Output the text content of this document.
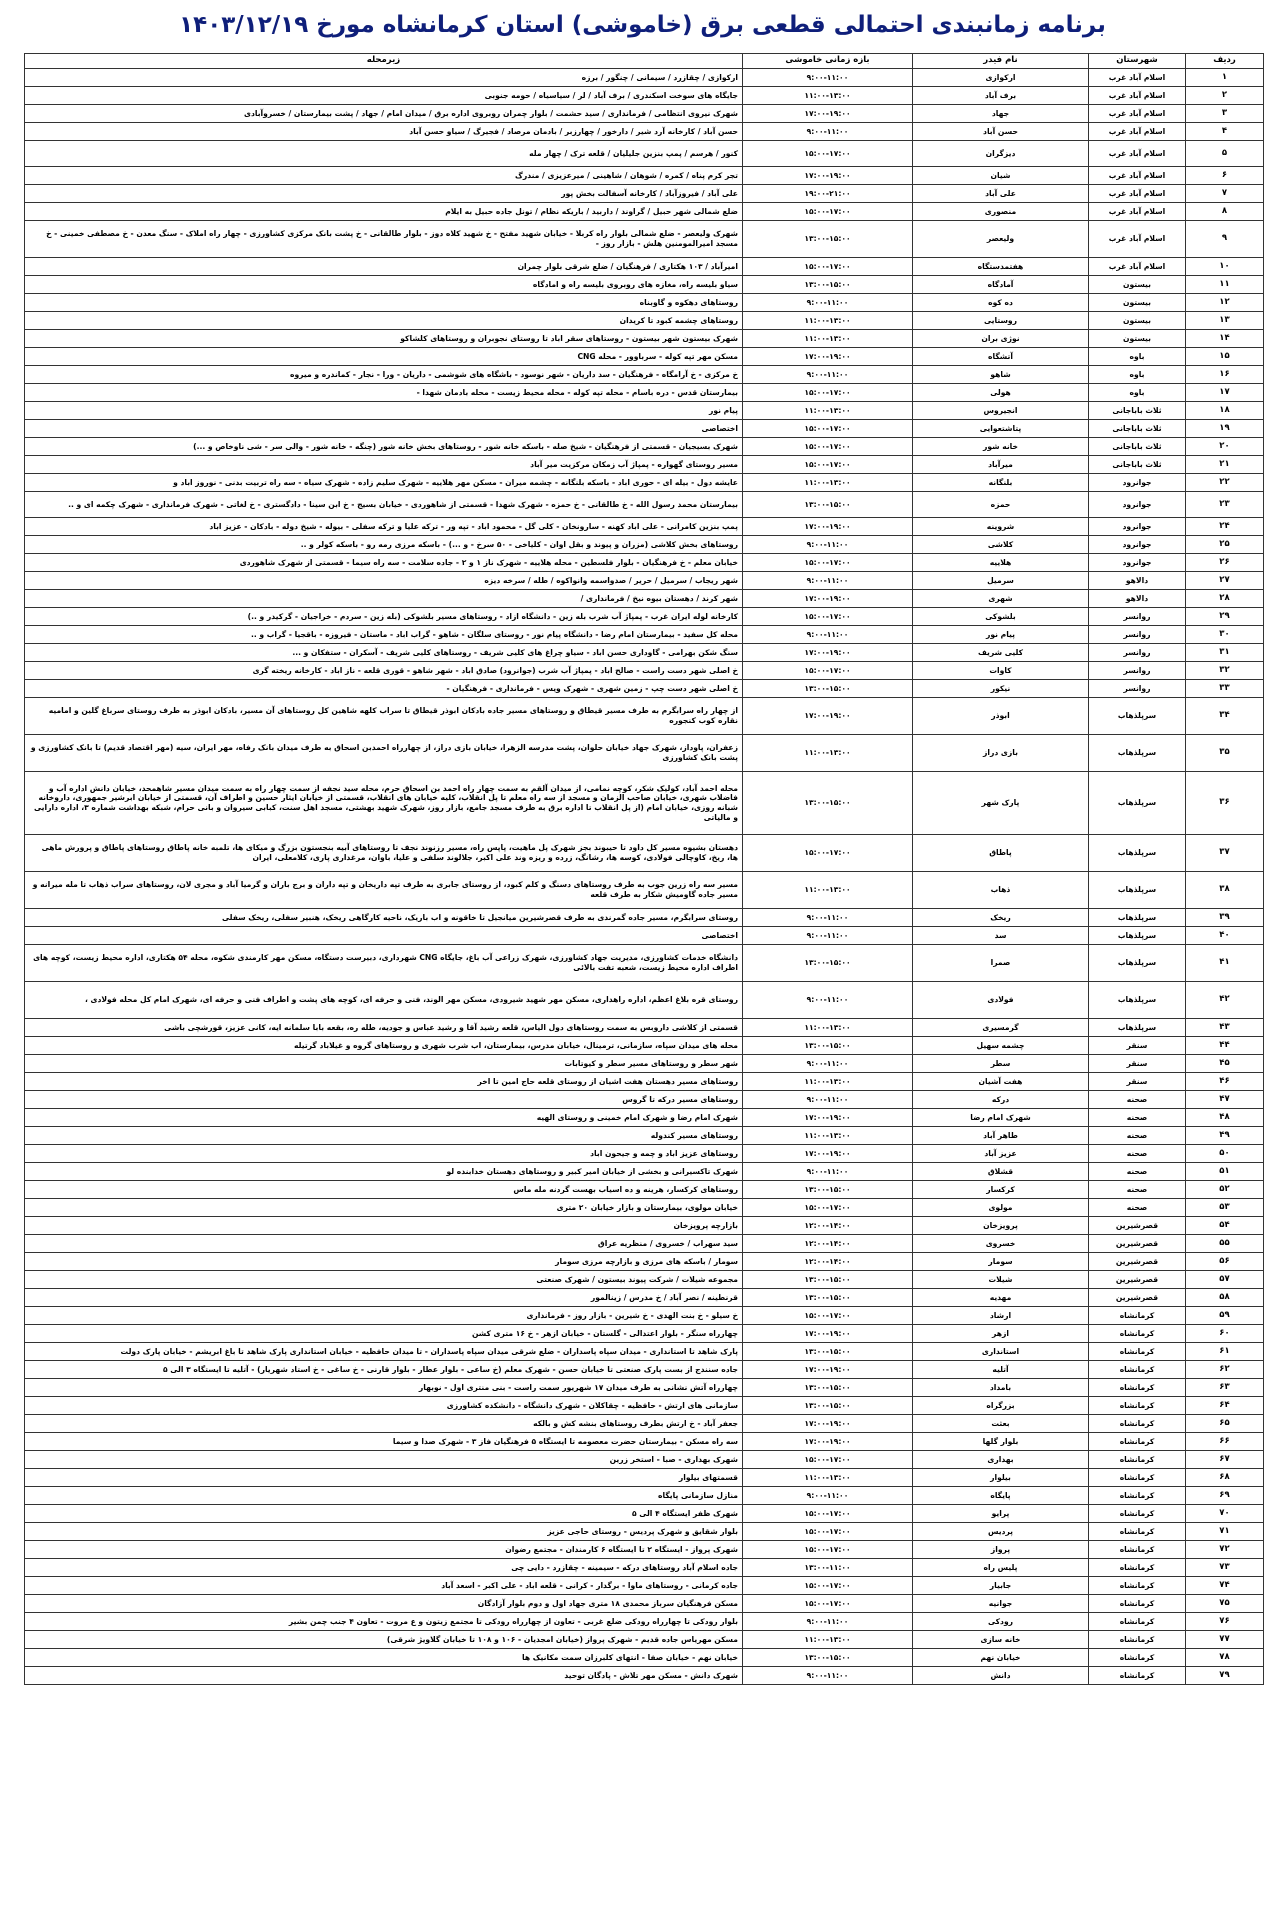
برنامه زمانبندی احتمالی قطعی برق (خاموشی) استان کرمانشاه مورخ ۱۴۰۳/۱۲/۱۹
ردیف	شهرستان	نام فیدر	بازه زمانی خاموشی	زیرمحله
۱	اسلام آباد غرب	ارکوازی	۹:۰۰-۱۱:۰۰	ارکوازی / چقازرد / سیمانی / چنگور / برزه
۲	اسلام آباد غرب	برف آباد	۱۱:۰۰-۱۳:۰۰	جایگاه های سوخت اسکندری / برف آباد / لر / سیاسیاه / حومه جنوبی
۳	اسلام آباد غرب	جهاد	۱۷:۰۰-۱۹:۰۰	شهرک نیروی انتظامی / فرمانداری / سید حشمت / بلوار چمران روبروی اداره برق / میدان امام / جهاد / پشت بیمارستان / خسروآبادی
۴	اسلام آباد غرب	حسن آباد	۹:۰۰-۱۱:۰۰	حسن آباد / کارخانه آرد شیر / دارخور / چهارزبر / بادمان مرصاد / فجیرگ / سیاو حسن آباد
۵	اسلام آباد غرب	دیزگران	۱۵:۰۰-۱۷:۰۰	کنور / هرسم / پمپ بنزین جلیلیان / قلعه ترک / چهار مله
۶	اسلام آباد غرب	شیان	۱۷:۰۰-۱۹:۰۰	تجر کرم پناه / کمره / شوهان / شاهینی / میرعزیزی / مندرگ
۷	اسلام آباد غرب	علی آباد	۱۹:۰۰-۲۱:۰۰	علی آباد / فیروزآباد / کارخانه آسفالت بخش پور
۸	اسلام آباد غرب	منصوری	۱۵:۰۰-۱۷:۰۰	ضلع شمالی شهر حبیل / گراوند / داربید / باریکه نظام / تونل جاده حبیل به ایلام
۹	اسلام آباد غرب	ولیعصر	۱۳:۰۰-۱۵:۰۰	شهرک ولیعصر - ضلع شمالی بلوار راه کربلا - خیابان شهید مفتح - خ شهید کلاه دوز - بلوار طالقانی - خ پشت بانک مرکزی کشاورزی - چهار راه املاک - سنگ معدن - خ مصطفی خمینی - خ مسجد امیرالمومنین هلش - بازار روز -
۱۰	اسلام آباد غرب	هفتمدستگاه	۱۵:۰۰-۱۷:۰۰	امیرآباد / ۱۰۳ هکتاری / فرهنگیان / ضلع شرقی بلوار چمران
۱۱	بیستون	آمادگاه	۱۳:۰۰-۱۵:۰۰	سیاو بلیسه راه، مغازه های روبروی بلیسه راه و امادگاه
۱۲	بیستون	ده کوه	۹:۰۰-۱۱:۰۰	روستاهای دهکوه و گاوبناه
۱۳	بیستون	روستایی	۱۱:۰۰-۱۳:۰۰	روستاهای چشمه کبود تا کریدان
۱۴	بیستون	نوژی بران	۱۱:۰۰-۱۳:۰۰	شهرک بیستون شهر بیستون - روستاهای سقر اباد تا روستای نجوبران و روستاهای کلشاکو
۱۵	باوه	آتشگاه	۱۷:۰۰-۱۹:۰۰	مسکن مهر تپه کوله - سرباوور - محله CNG
۱۶	باوه	شاهو	۹:۰۰-۱۱:۰۰	خ مرکزی - خ آرامگاه - فرهنگیان - سد داریان - شهر نوسود - باشگاه های شوشمی - داریان - ورا - نجار - کماندره و میروه
۱۷	باوه	هولی	۱۵:۰۰-۱۷:۰۰	بیمارستان قدس - دره باسام - محله تپه کوله - محله محیط زیست - محله بادمان شهدا -
۱۸	ثلاث باباجانی	انجیروس	۱۱:۰۰-۱۳:۰۰	پیام نور
۱۹	ثلاث باباجانی	پتاشتعوایی	۱۵:۰۰-۱۷:۰۰	اختصاصی
۲۰	ثلاث باباجانی	خانه شور	۱۵:۰۰-۱۷:۰۰	شهرک بسیجیان - قسمتی از فرهنگیان - شیخ صله - باسکه خانه شور - روستاهای بخش خانه شور (چنگه - خانه شور - والی سر - شی ناوخاص و ...)
۲۱	ثلاث باباجانی	میرآباد	۱۵:۰۰-۱۷:۰۰	مسیر روستای گهواره - پمپاژ آب زمکان مرکزیت میر آباد
۲۲	جوانرود	بلنگانه	۱۱:۰۰-۱۳:۰۰	عایشه دول - بیله ای - حوری اباد - باسکه بلنگانه - چشمه میران - مسکن مهر هلاییه - شهرک سلیم زاده - شهرک سیاه - سه راه تربیت بدنی - نوروز اباد و
۲۳	جوانرود	حمزه	۱۳:۰۰-۱۵:۰۰	بیمارستان محمد رسول الله - خ طالقانی - خ حمزه - شهرک شهدا - قسمتی از شاهوردی - خیابان بسیج - خ ابن سینا - دادگستری - خ لغاتی - شهرک فرمانداری - شهرک چکمه ای و ..
۲۴	جوانرود	شروینه	۱۷:۰۰-۱۹:۰۰	پمپ بنزین کامرانی - علی اباد کهنه - سارونخان - کلی گل - محمود اباد - تپه ور - ترکه علیا و ترکه سفلی - بیوله - شیخ دوله - بادکان - عزیز اباد
۲۵	جوانرود	کلاشی	۹:۰۰-۱۱:۰۰	روستاهای بخش کلاشی (مزران و پیوند و بقل اوان - کلیاخی - ۵۰ سرخ - و ...) - باسکه مرزی رمه رو - باسکه کولر و ..
۲۶	جوانرود	هلاییه	۱۵:۰۰-۱۷:۰۰	خیابان معلم - خ فرهنگیان - بلوار فلسطین - محله هلاییه - شهرک ناز ۱ و ۲ - جاده سلامت - سه راه سیما - قسمتی از شهرک شاهوردی
۲۷	دالاهو	سرمیل	۹:۰۰-۱۱:۰۰	شهر ریجاب / سرمیل / حریر / صدواسمه وانواکوه / طله / سرخه دیزه
۲۸	دالاهو	شهری	۱۷:۰۰-۱۹:۰۰	شهر کرند / دهستان بیوه نیخ / فرمانداری /
۲۹	روانسر	بلشوکی	۱۵:۰۰-۱۷:۰۰	کارخانه لوله ایران غرب - پمپاژ آب شرب بله زین - دانشگاه ازاد - روستاهای مسیر بلشوکی (بله زین - سردم - خراجیان - گرکیدر و ..)
۳۰	روانسر	پیام نور	۹:۰۰-۱۱:۰۰	محله کل سفید - بیمارستان امام رضا - دانشگاه پیام نور - روستای سلگان - شاهو - گراب اباد - ماستان - فیروزه - باقجیا - گراب و ..
۳۱	روانسر	کلیی شریف	۱۷:۰۰-۱۹:۰۰	سنگ شکن بهرامی - گاوداری حسن اباد - سیاو چراغ های کلیی شریف - روستاهای کلیی شریف - آسکران - ستفکان و ...
۳۲	روانسر	کاوات	۱۵:۰۰-۱۷:۰۰	خ اصلی شهر دست راست - صالح اباد - پمپاژ آب شرب (جوانرود) صادق اباد - شهر شاهو - قوری قلعه - ناز اباد - کارخانه ریخته گری
۳۳	روانسر	نیکور	۱۳:۰۰-۱۵:۰۰	خ اصلی شهر دست چپ - زمین شهری - شهرک ویس - فرمانداری - فرهنگیان -
۳۴	سرپلذهاب	ابوذر	۱۷:۰۰-۱۹:۰۰	از چهار راه سرابگرم به طرف مسیر قیطاق و روستاهای مسیر جاده بادکان ابوذر قیطاق تا سراب کلهه شاهین کل روستاهای آن مسیر، بادکان ابوذر به طرف روستای سرباغ گلین و امامیه نقاره کوب کنجوره
۳۵	سرپلذهاب	بازی دراز	۱۱:۰۰-۱۳:۰۰	زعفران، پاوداز، شهرک جهاد خیابان حلوان، پشت مدرسه الزهرا، خیابان بازی دراز، از چهارراه احمدبن اسحاق به طرف میدان بانک رفاه، مهر ایران، سیه (مهر اقتصاد قدیم) تا بانک کشاورزی و پشت بانک کشاورزی
۳۶	سرپلذهاب	پارک شهر	۱۳:۰۰-۱۵:۰۰	محله احمد آباد، کولیک شکر، کوچه نمامی، از میدان آلقم به سمت چهار راه احمد بن اسحاق حرم، محله سید نجفه از سمت چهار راه به سمت میدان مسیر شاهمحد، خیابان دانش اداره آب و فاضلاب شهری، خیابان صاحب الزمان و مسجد از سه راه معلم تا پل انقلاب، کلیه خیابان های انقلاب، قسمتی از خیابان ایثار حسین و اطراف آن، قسمتی از خیابان ابرشیر جمهوری، داروخانه شبانه روزی، خیابان امام (از پل انقلاب تا اداره برق به طرف مسجد جامع، بازار روز، شهرک شهید بهشتی، مسجد اهل سنت، کبابی سیروان و بانی حرام، شبکه بهداشت شماره ۳، اداره دارایی و مالیاتی
۳۷	سرپلذهاب	پاطاق	۱۵:۰۰-۱۷:۰۰	دهستان بشیوه مسیر کل داود تا حیبوند بجز شهرک پل ماهیت، پاپس راه، مسیر رزنوند نجف تا روستاهای آبیه بنجستون بزرگ و میکای ها، تلمبه خانه پاطاق روستاهای پاطاق و پرورش ماهی ها، ریخ، کاوچالی فولادی، کوسه ها، رشانگ، زرده و ریزه وند علی اکبر، جلالوند سلفی و علیا، باوان، مرغداری پاری، کلامعلی، ایران
۳۸	سرپلذهاب	ذهاب	۱۱:۰۰-۱۳:۰۰	مسیر سه راه زرین جوب به طرف روستاهای دسنگ و کلم کبود، از روستای جابری به طرف تپه داریخان و تپه داران و برج باران و گرمیا آباد و مجری لان، روستاهای سراب ذهاب تا مله میرانه و مسیر جاده گاومیش شکار به طرف قلعه
۳۹	سرپلذهاب	ریخک	۹:۰۰-۱۱:۰۰	روستای سرابگرم، مسیر جاده گمرندی به طرف قصرشیرین میانجیل تا خاقونه و اب باریک، ناحیه کارگاهی ریخک، هنبیر سفلی، ریخک سفلی
۴۰	سرپلذهاب	سد	۹:۰۰-۱۱:۰۰	اختصاصی
۴۱	سرپلذهاب	صمرا	۱۳:۰۰-۱۵:۰۰	دانشگاه خدمات کشاورزی، مدیریت جهاد کشاورزی، شهرک زراعی آب باغ، جایگاه CNG شهرداری، دبیرست دستگاه، مسکن مهر کارمندی شکوه، محله ۵۴ هکتاری، اداره محیط زیست، کوچه های اطراف اداره محیط زیست، شعبه تفت بالائی
۴۲	سرپلذهاب	فولادی	۹:۰۰-۱۱:۰۰	روستای قره بلاغ اعظم، اداره راهداری، مسکن مهر شهید شیرودی، مسکن مهر الوند، فنی و حرفه ای، کوچه های پشت و اطراف فنی و حرفه ای، شهرک امام کل محله فولادی ،
۴۳	سرپلذهاب	گرمسیری	۱۱:۰۰-۱۳:۰۰	قسمتی از کلاشی داروبس به سمت روستاهای دول الیاس، قلعه رشید آقا و رشید عباس و جودیه، طله ره، بقعه بابا سلمانه ایه، کانی عزیز، قورشچی باشی
۴۴	سنقر	چشمه سهیل	۱۳:۰۰-۱۵:۰۰	محله های میدان سپاه، سازمانی، ترمینال، خیابان مدرس، بیمارستان، اب شرب شهری و روستاهای گروه و غیلاباد گرتیله
۴۵	سنقر	سطر	۹:۰۰-۱۱:۰۰	شهر سطر و روستاهای مسیر سطر و کیوتابات
۴۶	سنقر	هفت آشیان	۱۱:۰۰-۱۳:۰۰	روستاهای مسیر دهستان هفت اشیان از روستای قلعه حاج امین تا اخر
۴۷	صحنه	درکه	۹:۰۰-۱۱:۰۰	روستاهای مسیر درکه تا گروس
۴۸	صحنه	شهرک امام رضا	۱۷:۰۰-۱۹:۰۰	شهرک امام رضا و شهرک امام خمینی و روستای الهیه
۴۹	صحنه	طاهر آباد	۱۱:۰۰-۱۳:۰۰	روستاهای مسیر کندوله
۵۰	صحنه	عزیز آباد	۱۷:۰۰-۱۹:۰۰	روستاهای عزیز اباد و چمه و جیحون اباد
۵۱	صحنه	قشلاق	۹:۰۰-۱۱:۰۰	شهرک تاکسیرانی و بخشی از خیابان امیر کبیر و روستاهای دهستان خدابنده لو
۵۲	صحنه	کرکسار	۱۳:۰۰-۱۵:۰۰	روستاهای کرکسار، هرینه و ده اسیاب بهست گردنه مله ماس
۵۳	صحنه	مولوی	۱۵:۰۰-۱۷:۰۰	خیابان مولوی، بیمارستان و بازار خیابان ۲۰ متری
۵۴	قصرشیرین	پرویزخان	۱۲:۰۰-۱۴:۰۰	بازارچه پرویزخان
۵۵	قصرشیرین	خسروی	۱۲:۰۰-۱۴:۰۰	سید سهراب / خسروی / منظریه عراق
۵۶	قصرشیرین	سومار	۱۲:۰۰-۱۴:۰۰	سومار / باسکه های مرزی و بازارچه مرزی سومار
۵۷	قصرشیرین	شیلات	۱۳:۰۰-۱۵:۰۰	مجموعه شیلات / شرکت پیوند بیستون / شهرک صنعتی
۵۸	قصرشیرین	مهدیه	۱۳:۰۰-۱۵:۰۰	قرنطینه / نصر آباد / خ مدرس / زینالمور
۵۹	کرمانشاه	ارشاد	۱۵:۰۰-۱۷:۰۰	خ سیلو - خ بنت الهدی - خ شیرین - بازار روز - فرمانداری
۶۰	کرمانشاه	ازهر	۱۷:۰۰-۱۹:۰۰	چهارراه سنگر - بلوار اعتدالی - گلستان - خیابان ازهر - خ ۱۶ متری کشن
۶۱	کرمانشاه	استانداری	۱۳:۰۰-۱۵:۰۰	پارک شاهد تا استانداری - میدان سپاه پاسداران - ضلع شرقی میدان سپاه پاسداران - تا میدان حافظیه - خیابان استانداری پارک شاهد تا باغ ابریشم - خیابان پارک دولت
۶۲	کرمانشاه	آتلیه	۱۷:۰۰-۱۹:۰۰	جاده سنندج از بست پارک صنعتی تا خیابان حسن - شهرک معلم (خ ساعی - بلوار عطار - بلوار قارنی - خ ساغی - خ استاد شهریار) - آتلیه تا ایستگاه ۳ الی ۵
۶۳	کرمانشاه	بامداد	۱۳:۰۰-۱۵:۰۰	چهارراه آتش نشانی به طرف میدان ۱۷ شهریور سمت راست - بنی منتری اول - نوبهار
۶۴	کرمانشاه	بزرگراه	۱۳:۰۰-۱۵:۰۰	سازمانی های ارتش - حافظیه - چقاکلان - شهرک دانشگاه - دانشکده کشاورزی
۶۵	کرمانشاه	بعثت	۱۷:۰۰-۱۹:۰۰	جعفر آباد - خ ارتش بطرف روستاهای بنشه کش و بالکه
۶۶	کرمانشاه	بلوار گلها	۱۷:۰۰-۱۹:۰۰	سه راه مسکن - بیمارستان حضرت معصومه تا ایستگاه ۵ فرهنگیان فاز ۳ - شهرک صدا و سیما
۶۷	کرمانشاه	بهداری	۱۵:۰۰-۱۷:۰۰	شهرک بهداری - صبا - استخر زرین
۶۸	کرمانشاه	بیلوار	۱۱:۰۰-۱۳:۰۰	قسمتهای بیلوار
۶۹	کرمانشاه	پایگاه	۹:۰۰-۱۱:۰۰	منازل سازمانی پایگاه
۷۰	کرمانشاه	پرایو	۱۵:۰۰-۱۷:۰۰	شهرک ظفر ایستگاه ۴ الی ۵
۷۱	کرمانشاه	پردیس	۱۵:۰۰-۱۷:۰۰	بلوار شقایق و شهرک پردیس - روستای حاجی عزیز
۷۲	کرمانشاه	پرواز	۱۵:۰۰-۱۷:۰۰	شهرک پرواز - ایستگاه ۲ تا ایستگاه ۶ کارمندان - مجتمع رضوان
۷۳	کرمانشاه	پلیس راه	۱۳:۰۰-۱۱:۰۰	جاده اسلام آباد روستاهای درکه - سیمینه - چقازرد - دایی چی
۷۴	کرمانشاه	جابیار	۱۵:۰۰-۱۷:۰۰	جاده کرمانی - روستاهای ماوا - برگدار - کرانی - قلعه اباد - علی اکبر - اسعد آباد
۷۵	کرمانشاه	جوانیه	۱۵:۰۰-۱۷:۰۰	مسکن فرهنگیان سرباز محمدی ۱۸ متری جهاد اول و دوم بلوار آزادگان
۷۶	کرمانشاه	رودکی	۹:۰۰-۱۱:۰۰	بلوار رودکی تا چهارراه رودکی ضلع غربی - تعاون از چهارراه رودکی تا مجتمع زیتون و ع مروت - تعاون ۴ جنب چمن بشیر
۷۷	کرمانشاه	خانه سازی	۱۱:۰۰-۱۳:۰۰	مسکن مهریاس جاده قدیم - شهرک پرواز (خیابان امجدیان - ۱۰۶ و ۱۰۸ تا خیابان گلاویژ شرقی)
۷۸	کرمانشاه	خیابان نهم	۱۳:۰۰-۱۵:۰۰	خیابان نهم - خیابان صفا - انتهای کلبرزان سمت مکانیک ها
۷۹	کرمانشاه	دانش	۹:۰۰-۱۱:۰۰	شهرک دانش - مسکن مهر تلاش - پادگان توحید
